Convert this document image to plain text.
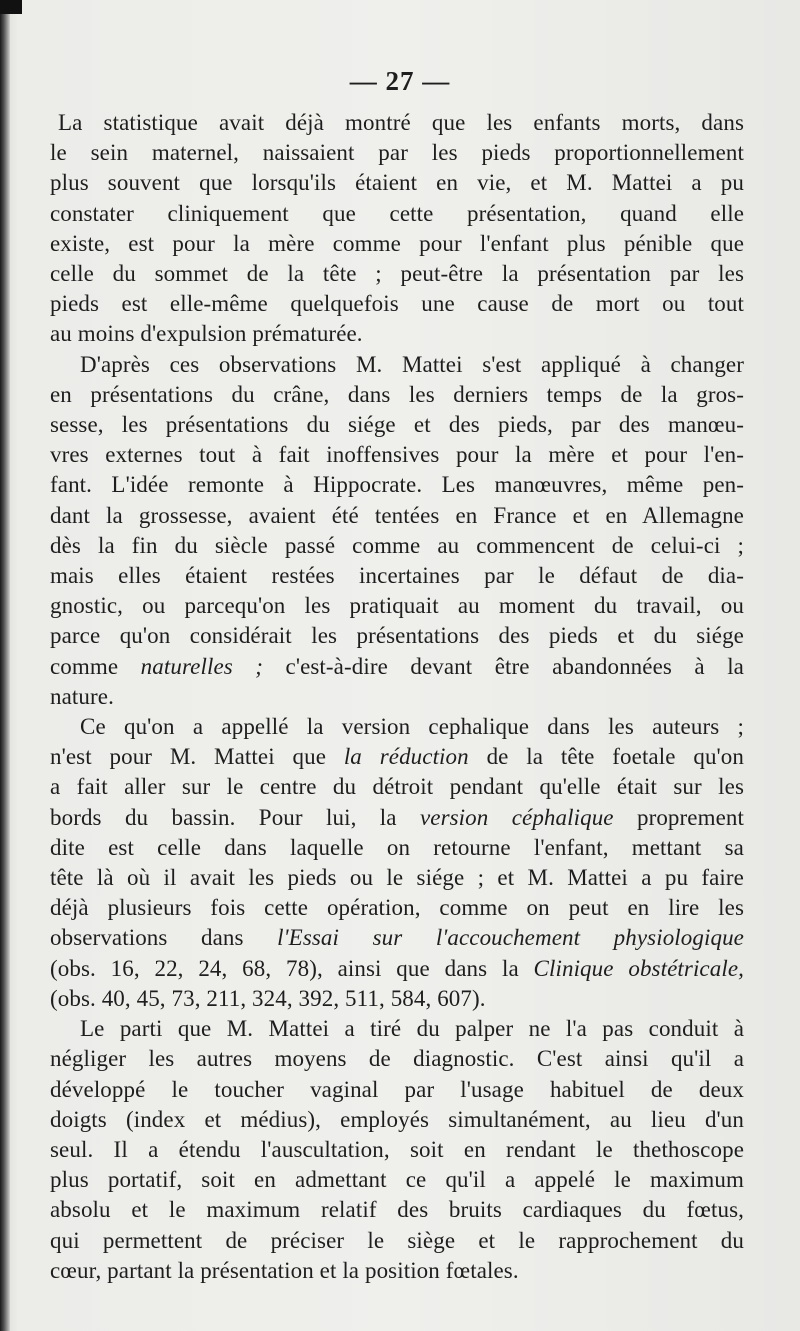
— 27 —
La statistique avait déjà montré que les enfants morts, dans
le sein maternel, naissaient par les pieds proportionnellement
plus souvent que lorsqu'ils étaient en vie, et M. Mattei a pu
constater cliniquement que cette présentation, quand elle
existe, est pour la mère comme pour l'enfant plus pénible que
celle du sommet de la tête ; peut-être la présentation par les
pieds est elle-même quelquefois une cause de mort ou tout
au moins d'expulsion prématurée.
D'après ces observations M. Mattei s'est appliqué à changer
en présentations du crâne, dans les derniers temps de la gros-
sesse, les présentations du siége et des pieds, par des manœu-
vres externes tout à fait inoffensives pour la mère et pour l'en-
fant. L'idée remonte à Hippocrate. Les manœuvres, même pen-
dant la grossesse, avaient été tentées en France et en Allemagne
dès la fin du siècle passé comme au commencent de celui-ci ;
mais elles étaient restées incertaines par le défaut de dia-
gnostic, ou parcequ'on les pratiquait au moment du travail, ou
parce qu'on considérait les présentations des pieds et du siége
comme naturelles ; c'est-à-dire devant être abandonnées à la
nature.
Ce qu'on a appellé la version cephalique dans les auteurs ;
n'est pour M. Mattei que la réduction de la tête foetale qu'on
a fait aller sur le centre du détroit pendant qu'elle était sur les
bords du bassin. Pour lui, la version céphalique proprement
dite est celle dans laquelle on retourne l'enfant, mettant sa
tête là où il avait les pieds ou le siége ; et M. Mattei a pu faire
déjà plusieurs fois cette opération, comme on peut en lire les
observations dans l'Essai sur l'accouchement physiologique
(obs. 16, 22, 24, 68, 78), ainsi que dans la Clinique obstétricale,
(obs. 40, 45, 73, 211, 324, 392, 511, 584, 607).
Le parti que M. Mattei a tiré du palper ne l'a pas conduit à
négliger les autres moyens de diagnostic. C'est ainsi qu'il a
développé le toucher vaginal par l'usage habituel de deux
doigts (index et médius), employés simultanément, au lieu d'un
seul. Il a étendu l'auscultation, soit en rendant le thethoscope
plus portatif, soit en admettant ce qu'il a appelé le maximum
absolu et le maximum relatif des bruits cardiaques du fœtus,
qui permettent de préciser le siège et le rapprochement du
cœur, partant la présentation et la position fœtales.
